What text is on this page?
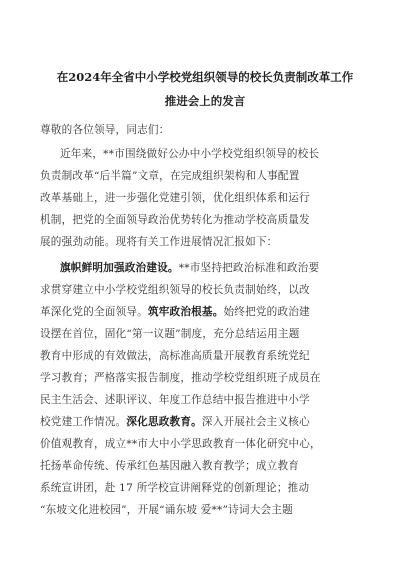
在2024年全省中小学校党组织领导的校长负责制改革工作
推进会上的发言
尊敬的各位领导，同志们：
近年来，**市围绕做好公办中小学校党组织领导的校长
负责制改革“后半篇”文章，在完成组织架构和人事配置
改革基础上，进一步强化党建引领，优化组织体系和运行
机制，把党的全面领导政治优势转化为推动学校高质量发
展的强劲动能。现将有关工作进展情况汇报如下：
旗帜鲜明加强政治建设。**市坚持把政治标准和政治要
求贯穿建立中小学校党组织领导的校长负责制始终，以改
革深化党的全面领导。筑牢政治根基。始终把党的政治建
设摆在首位，固化“第一议题”制度，充分总结运用主题
教育中形成的有效做法，高标准高质量开展教育系统党纪
学习教育；严格落实报告制度，推动学校党组织班子成员在
民主生活会、述职评议、年度工作总结中报告推进中小学
校党建工作情况。深化思政教育。深入开展社会主义核心
价值观教育，成立**市大中小学思政教育一体化研究中心，
托扬革命传统、传承红色基因融入教育教学；成立教育
系统宣讲团，赴 17 所学校宣讲阐释党的创新理论；推动
“东坡文化进校园”，开展“诵东坡 爱**”诗词大会主题
